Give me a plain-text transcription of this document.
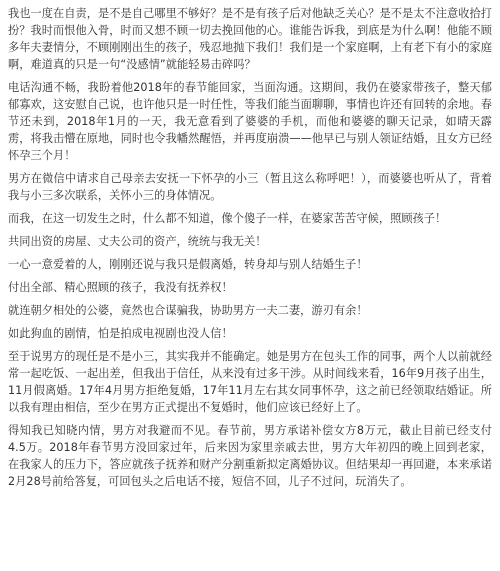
我也一度在自责，是不是自己哪里不够好？是不是有孩子后对他缺乏关心？是不是太不注意收拾打扮？我时而恨他入骨，时而又想不顾一切去挽回他的心。谁能告诉我，到底是为什么啊！他能不顾多年夫妻情分，不顾刚刚出生的孩子，残忍地抛下我们！我们是一个家庭啊，上有老下有小的家庭啊，难道真的只是一句“没感情”就能轻易击碎吗？

电话沟通不畅，我盼着他2018年的春节能回家，当面沟通。这期间，我仍在婆家带孩子，整天郁郁寡欢，这安慰自己说，也许他只是一时任性，等我们能当面聊聊，事情也许还有回转的余地。春节还未到，2018年1月的一天，我无意看到了婆婆的手机，而他和婆婆的聊天记录，如晴天霹雳，将我击懵在原地，同时也令我幡然醒悟，并再度崩溃——他早已与别人领证结婚，且女方已经怀孕三个月！

男方在微信中请求自己母亲去安抚一下怀孕的小三（暂且这么称呼吧！），而婆婆也听从了，背着我与小三多次联系，关怀小三的身体情况。

而我，在这一切发生之时，什么都不知道，像个傻子一样，在婆家苦苦守候，照顾孩子！

共同出资的房屋、丈夫公司的资产，统统与我无关！

一心一意爱着的人，刚刚还说与我只是假离婚，转身却与别人结婚生子！

付出全部、精心照顾的孩子，我没有抚养权！

就连朝夕相处的公婆，竟然也合谋骗我，协助男方一夫二妻，游刃有余！

如此狗血的剧情，怕是拍成电视剧也没人信！

至于说男方的现任是不是小三，其实我并不能确定。她是男方在包头工作的同事，两个人以前就经常一起吃饭、一起出差，但我出于信任，从来没有过多干涉。从时间线来看，16年9月孩子出生，11月假离婚。17年4月男方拒绝复婚，17年11月左右其女同事怀孕，这之前已经领取结婚证。所以我有理由相信，至少在男方正式提出不复婚时，他们应该已经好上了。

得知我已知晓内情，男方对我避而不见。春节前，男方承诺补偿女方8万元，截止目前已经支付4.5万。2018年春节男方没回家过年，后来因为家里亲戚去世，男方大年初四的晚上回到老家，在我家人的压力下，答应就孩子抚养和财产分割重新拟定离婚协议。但结果却一再回避，本来承诺2月28号前给答复，可回包头之后电话不接，短信不回，儿子不过问，玩消失了。
